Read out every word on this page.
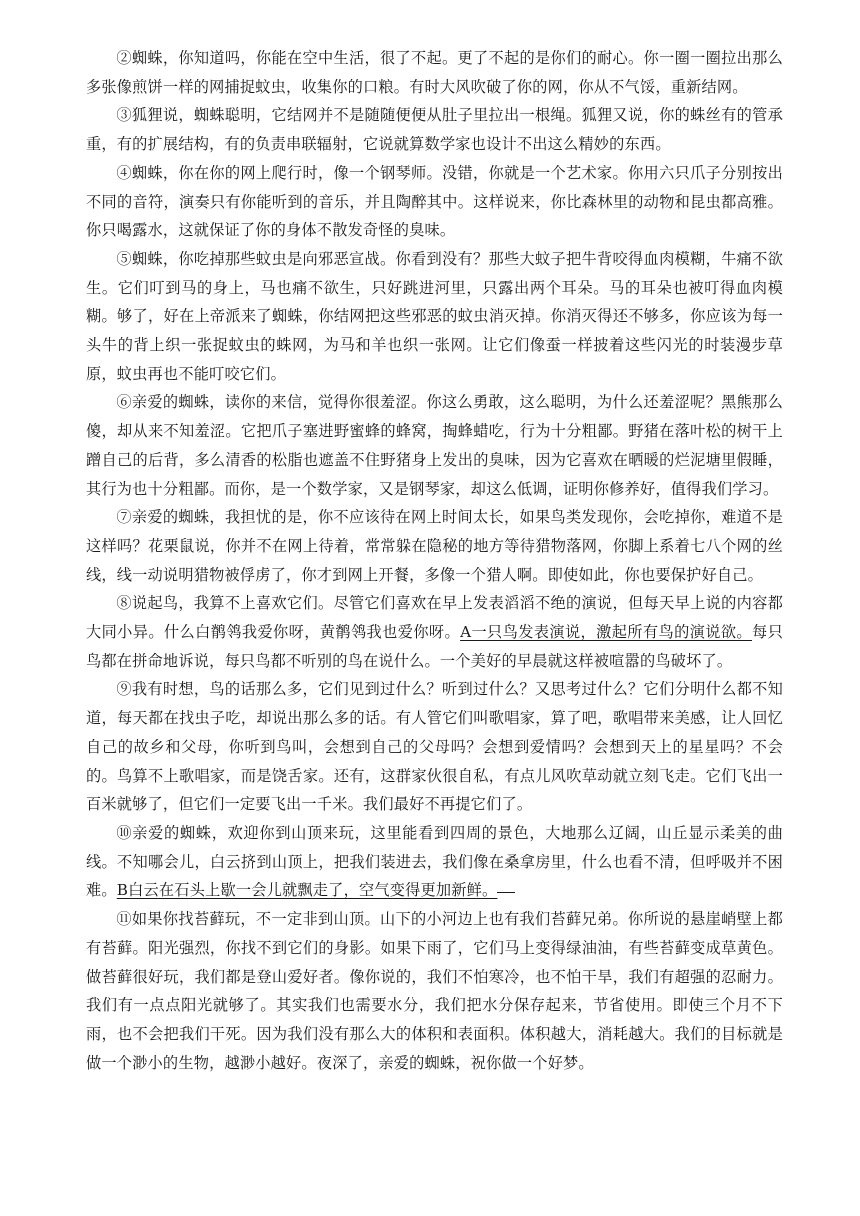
②蜘蛛，你知道吗，你能在空中生活，很了不起。更了不起的是你们的耐心。你一圈一圈拉出那么多张像煎饼一样的网捕捉蚊虫，收集你的口粮。有时大风吹破了你的网，你从不气馁，重新结网。

③狐狸说，蜘蛛聪明，它结网并不是随随便便从肚子里拉出一根绳。狐狸又说，你的蛛丝有的管承重，有的扩展结构，有的负责串联辐射，它说就算数学家也设计不出这么精妙的东西。

④蜘蛛，你在你的网上爬行时，像一个钢琴师。没错，你就是一个艺术家。你用六只爪子分别按出不同的音符，演奏只有你能听到的音乐，并且陶醉其中。这样说来，你比森林里的动物和昆虫都高雅。你只喝露水，这就保证了你的身体不散发奇怪的臭味。

⑤蜘蛛，你吃掉那些蚊虫是向邪恶宣战。你看到没有？那些大蚊子把牛背咬得血肉模糊，牛痛不欲生。它们叮到马的身上，马也痛不欲生，只好跳进河里，只露出两个耳朵。马的耳朵也被叮得血肉模糊。够了，好在上帝派来了蜘蛛，你结网把这些邪恶的蚊虫消灭掉。你消灭得还不够多，你应该为每一头牛的背上织一张捉蚊虫的蛛网，为马和羊也织一张网。让它们像蚕一样披着这些闪光的时装漫步草原，蚊虫再也不能叮咬它们。

⑥亲爱的蜘蛛，读你的来信，觉得你很羞涩。你这么勇敢，这么聪明，为什么还羞涩呢？黑熊那么傻，却从来不知羞涩。它把爪子塞进野蜜蜂的蜂窝，掏蜂蜡吃，行为十分粗鄙。野猪在落叶松的树干上蹭自己的后背，多么清香的松脂也遮盖不住野猪身上发出的臭味，因为它喜欢在晒暖的烂泥塘里假睡，其行为也十分粗鄙。而你，是一个数学家，又是钢琴家，却这么低调，证明你修养好，值得我们学习。

⑦亲爱的蜘蛛，我担忧的是，你不应该待在网上时间太长，如果鸟类发现你，会吃掉你，难道不是这样吗？花栗鼠说，你并不在网上待着，常常躲在隐秘的地方等待猎物落网，你脚上系着七八个网的丝线，线一动说明猎物被俘虏了，你才到网上开餐，多像一个猎人啊。即使如此，你也要保护好自己。

⑧说起鸟，我算不上喜欢它们。尽管它们喜欢在早上发表滔滔不绝的演说，但每天早上说的内容都大同小异。什么白鹡鸰我爱你呀，黄鹡鸰我也爱你呀。A一只鸟发表演说，激起所有鸟的演说欲。每只鸟都在拼命地诉说，每只鸟都不听别的鸟在说什么。一个美好的早晨就这样被喧嚣的鸟破坏了。

⑨我有时想，鸟的话那么多，它们见到过什么？听到过什么？又思考过什么？它们分明什么都不知道，每天都在找虫子吃，却说出那么多的话。有人管它们叫歌唱家，算了吧，歌唱带来美感，让人回忆自己的故乡和父母，你听到鸟叫，会想到自己的父母吗？会想到爱情吗？会想到天上的星星吗？不会的。鸟算不上歌唱家，而是饶舌家。还有，这群家伙很自私，有点儿风吹草动就立刻飞走。它们飞出一百米就够了，但它们一定要飞出一千米。我们最好不再提它们了。

⑩亲爱的蜘蛛，欢迎你到山顶来玩，这里能看到四周的景色，大地那么辽阔，山丘显示柔美的曲线。不知哪会儿，白云挤到山顶上，把我们装进去，我们像在桑拿房里，什么也看不清，但呼吸并不困难。B白云在石头上歇一会儿就飘走了，空气变得更加新鲜。

⑪如果你找苔藓玩，不一定非到山顶。山下的小河边上也有我们苔藓兄弟。你所说的悬崖峭壁上都有苔藓。阳光强烈，你找不到它们的身影。如果下雨了，它们马上变得绿油油，有些苔藓变成草黄色。做苔藓很好玩，我们都是登山爱好者。像你说的，我们不怕寒冷，也不怕干旱，我们有超强的忍耐力。我们有一点点阳光就够了。其实我们也需要水分，我们把水分保存起来，节省使用。即使三个月不下雨，也不会把我们干死。因为我们没有那么大的体积和表面积。体积越大，消耗越大。我们的目标就是做一个渺小的生物，越渺小越好。夜深了，亲爱的蜘蛛，祝你做一个好梦。
